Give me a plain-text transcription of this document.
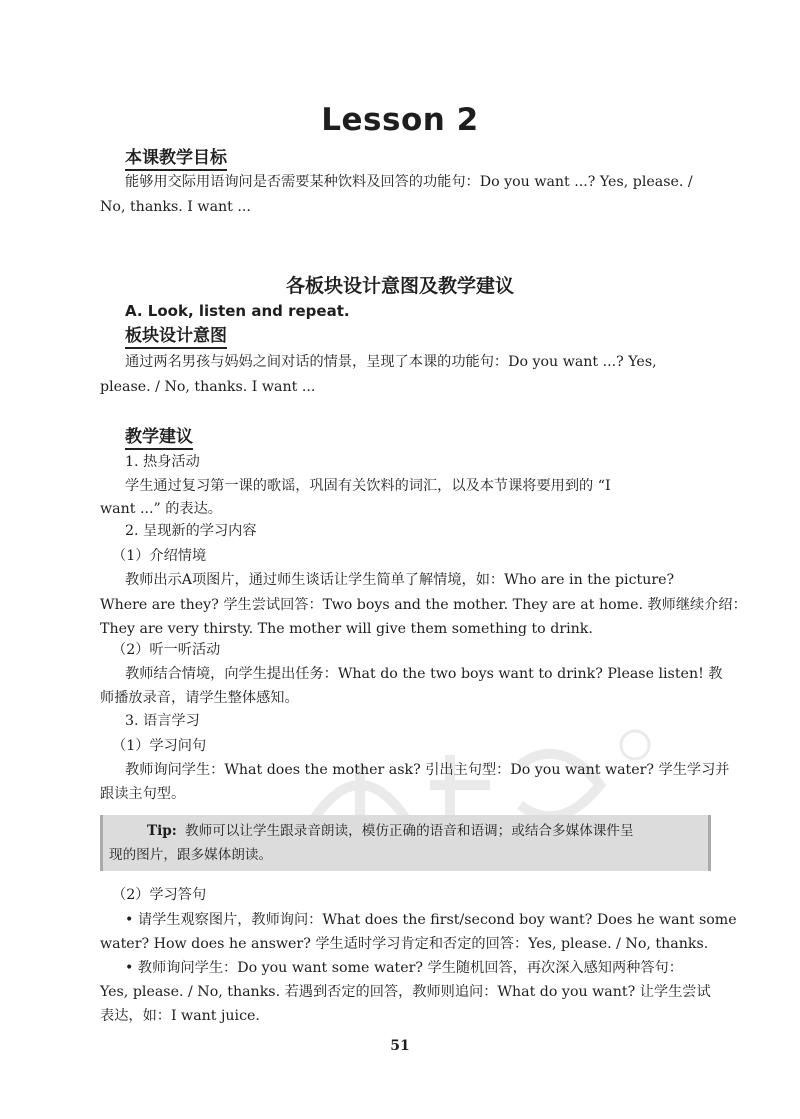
Lesson 2
本课教学目标
能够用交际用语询问是否需要某种饮料及回答的功能句：Do you want ...? Yes, please. /
No, thanks. I want ...
各板块设计意图及教学建议
A. Look, listen and repeat.
板块设计意图
通过两名男孩与妈妈之间对话的情景，呈现了本课的功能句：Do you want ...? Yes,
please. / No, thanks. I want ...
教学建议
1. 热身活动
学生通过复习第一课的歌谣，巩固有关饮料的词汇，以及本节课将要用到的 “I
want ...” 的表达。
2. 呈现新的学习内容
（1）介绍情境
教师出示A项图片，通过师生谈话让学生简单了解情境，如：Who are in the picture?
Where are they? 学生尝试回答：Two boys and the mother. They are at home. 教师继续介绍：
They are very thirsty. The mother will give them something to drink.
（2）听一听活动
教师结合情境，向学生提出任务：What do the two boys want to drink? Please listen! 教
师播放录音，请学生整体感知。
3. 语言学习
（1）学习问句
教师询问学生：What does the mother ask? 引出主句型：Do you want water? 学生学习并
跟读主句型。
Tip: 教师可以让学生跟录音朗读，模仿正确的语音和语调；或结合多媒体课件呈
现的图片，跟多媒体朗读。
（2）学习答句
• 请学生观察图片，教师询问：What does the first/second boy want? Does he want some
water? How does he answer? 学生适时学习肯定和否定的回答：Yes, please. / No, thanks.
• 教师询问学生：Do you want some water? 学生随机回答，再次深入感知两种答句：
Yes, please. / No, thanks. 若遇到否定的回答，教师则追问：What do you want? 让学生尝试
表达，如：I want juice.
51
